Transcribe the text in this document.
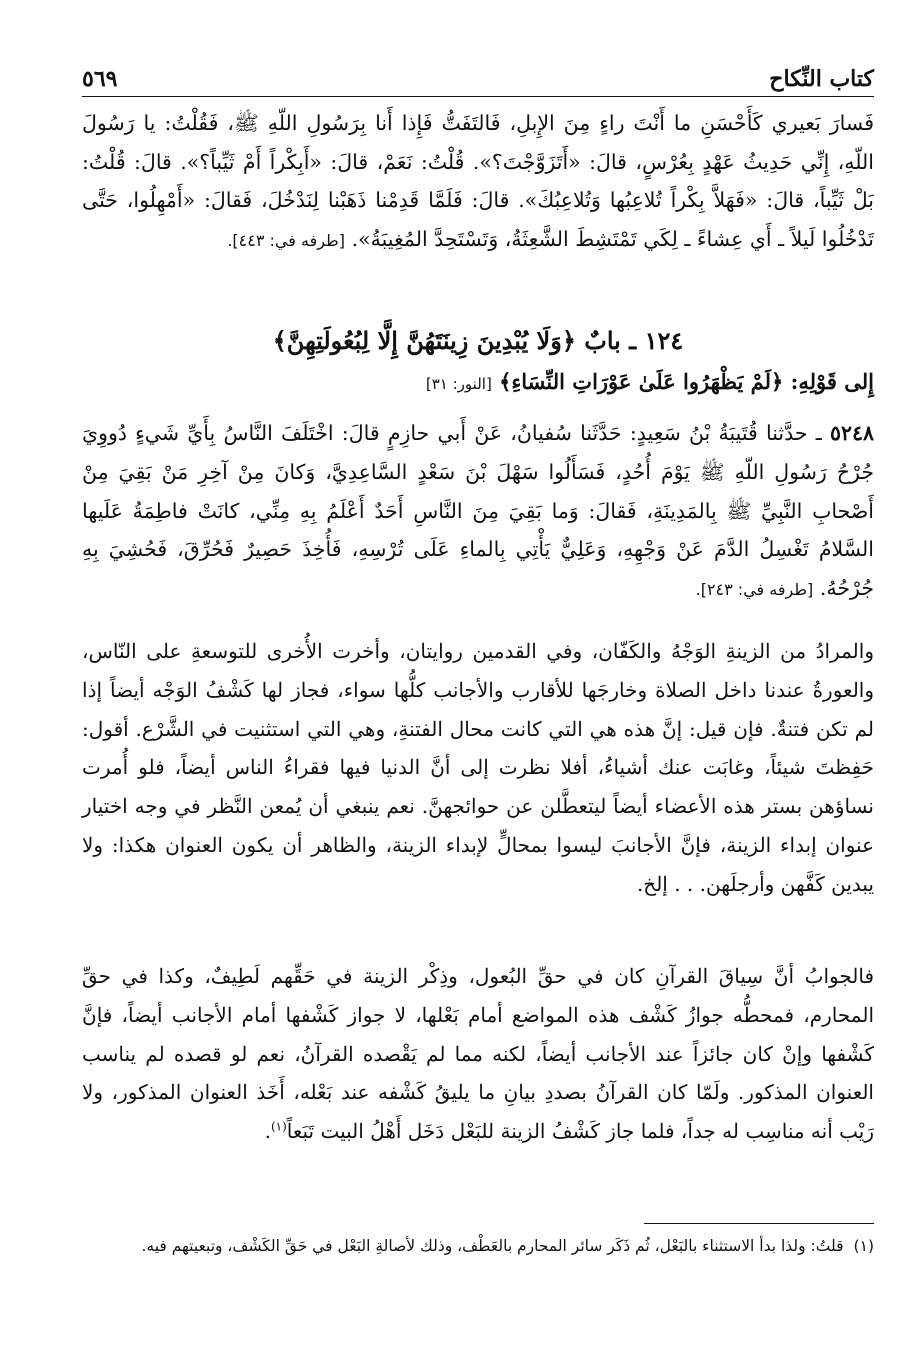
كتاب النِّكاح
٥٦٩

فَسارَ بَعيري كَأَحْسَنِ ما أَنْتَ راءٍ مِنَ الإِبلِ، فَالتَفَتُّ فَإِذا أَنا بِرَسُولِ اللّهِ ﷺ، فَقُلْتُ: يا رَسُولَ اللّهِ، إِنِّي حَدِيثُ عَهْدٍ بِعُرْسٍ، قالَ: «أَتَزَوَّجْتَ؟». قُلْتُ: نَعَمْ، قالَ: «أَبِكْراً أَمْ ثَيِّباً؟». قالَ: قُلْتُ: بَلْ ثَيِّباً، قالَ: «فَهَلاَّ بِكْراً تُلاعِبُها وَتُلاعِبُكَ». قالَ: فَلَمَّا قَدِمْنا ذَهَبْنا لِنَدْخُلَ، فَقالَ: «أَمْهِلُوا، حَتَّى تَدْخُلُوا لَيلاً ـ أَي عِشاءً ـ لِكَي تَمْتَشِطَ الشَّعِثَةُ، وَتَسْتَحِدَّ المُغِيبَةُ». [طرفه في: ٤٤٣].

١٢٤ ـ بابٌ ﴿وَلَا يُبْدِينَ زِينَتَهُنَّ إِلَّا لِبُعُولَتِهِنَّ﴾
إِلى قَوْلِهِ: ﴿لَمْ يَظْهَرُوا عَلَىٰ عَوْرَاتِ النِّسَاءِ﴾ [النور: ٣١]

٥٢٤٨ ـ حدَّثنا قُتَيبَةُ بْنُ سَعِيدٍ: حَدَّثَنا سُفيانُ، عَنْ أَبي حازِمٍ قالَ: اخْتَلَفَ النَّاسُ بِأَيِّ شَيءٍ دُووِيَ جُرْحُ رَسُولِ اللّهِ ﷺ يَوْمَ أُحُدٍ، فَسَأَلُوا سَهْلَ بْنَ سَعْدٍ السَّاعِدِيَّ، وَكانَ مِنْ آخِرِ مَنْ بَقِيَ مِنْ أَصْحابِ النَّبِيِّ ﷺ بِالمَدِينَةِ، فَقالَ: وَما بَقِيَ مِنَ النَّاسِ أَحَدٌ أَعْلَمُ بِهِ مِنِّي، كانَتْ فاطِمَةُ عَلَيها السَّلامُ تَغْسِلُ الدَّمَ عَنْ وَجْهِهِ، وَعَلِيٌّ يَأْتِي بِالماءِ عَلَى تُرْسِهِ، فَأُخِذَ حَصِيرٌ فَحُرِّقَ، فَحُشِيَ بِهِ جُرْحُهُ. [طرفه في: ٢٤٣].

والمرادُ من الزينةِ الوَجْهُ والكَفّان، وفي القدمين روايتان، وأخرت الأُخرى للتوسعةِ على النّاس، والعورةُ عندنا داخل الصلاة وخارجَها للأقارب والأجانب كلُّها سواء، فجاز لها كَشْفُ الوَجْه أيضاً إذا لم تكن فتنةٌ. فإن قيل: إنَّ هذه هي التي كانت محال الفتنةِ، وهي التي استثنيت في الشَّرْع. أقول: حَفِظتَ شيئاً، وغابَت عنك أشياءُ، أفلا نظرت إلى أنَّ الدنيا فيها فقراءُ الناس أيضاً، فلو أُمرت نساؤهن بستر هذه الأعضاء أيضاً ليتعطَّلن عن حوائجهنَّ. نعم ينبغي أن يُمعن النَّظر في وجه اختيار عنوان إبداء الزينة، فإنَّ الأجانبَ ليسوا بمحالٍّ لإبداء الزينة، والظاهر أن يكون العنوان هكذا: ولا يبدين كَفَّهن وأرجلَهن. . . إلخ.

فالجوابُ أنَّ سِياقَ القرآنِ كان في حقِّ البُعول، وذِكْر الزينة في حَقِّهم لَطِيفٌ، وكذا في حقِّ المحارم، فمحطُّه جوازُ كَشْف هذه المواضع أمام بَعْلها، لا جواز كَشْفها أمام الأجانب أيضاً، فإنَّ كَشْفها وإنْ كان جائزاً عند الأجانب أيضاً، لكنه مما لم يَقْصده القرآنُ، نعم لو قصده لم يناسب العنوان المذكور. ولَمّا كان القرآنُ بصددِ بيانِ ما يليقُ كَشْفه عند بَعْله، أَخَذ العنوان المذكور، ولا رَيْب أنه مناسِب له جداً، فلما جاز كَشْفُ الزينة للبَعْل دَخَل أَهْلُ البيت تَبَعاً$^{(١)}$.

(١)قلتُ: ولذا بدأ الاستثناء بالبَعْل، ثُم ذَكَر سائر المحارم بالعَطْف، وذلك لأصالةِ البَعْل في حَقِّ الكَشْف، وتبعيتهم فيه.
